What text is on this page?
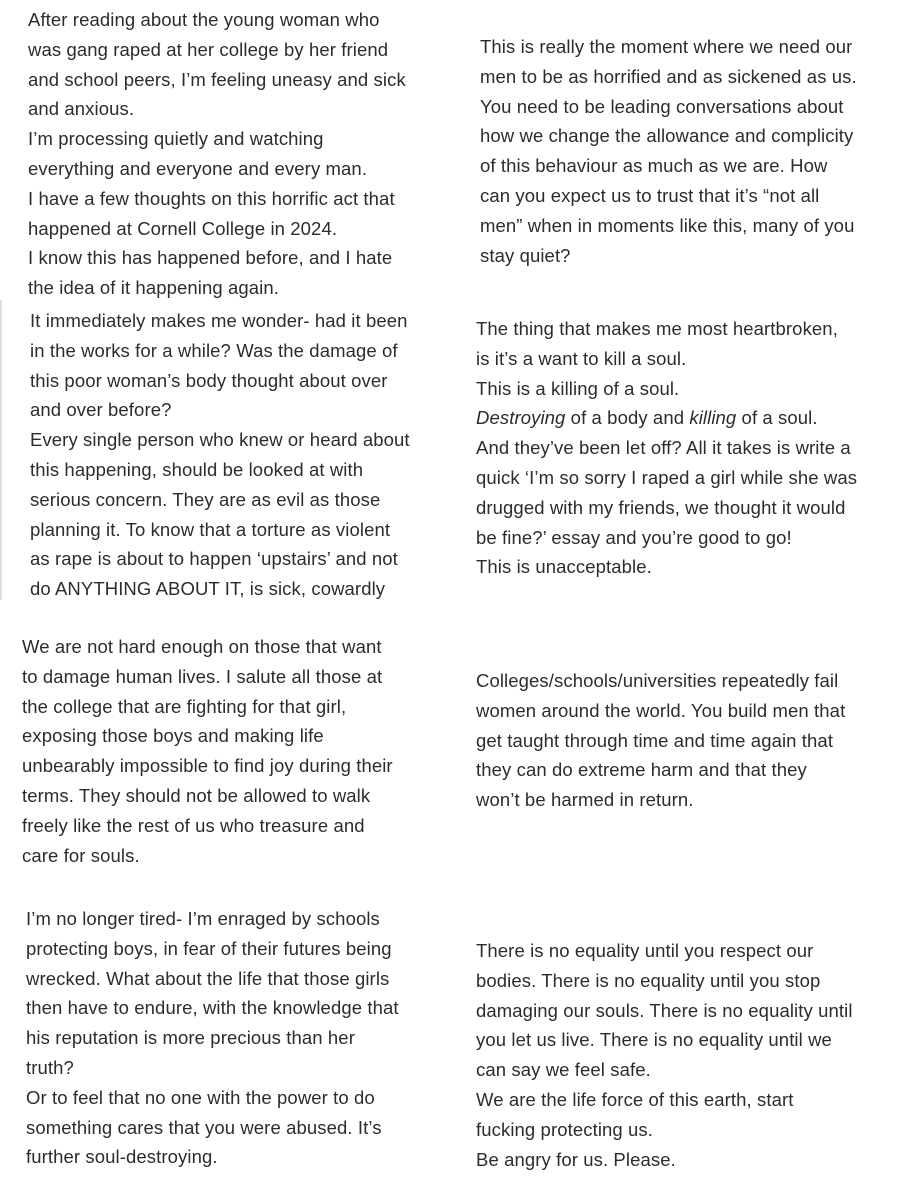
After reading about the young woman who
was gang raped at her college by her friend
and school peers, I’m feeling uneasy and sick
and anxious.
I’m processing quietly and watching
everything and everyone and every man.
I have a few thoughts on this horrific act that
happened at Cornell College in 2024.
I know this has happened before, and I hate
the idea of it happening again.

This is really the moment where we need our
men to be as horrified and as sickened as us.
You need to be leading conversations about
how we change the allowance and complicity
of this behaviour as much as we are. How
can you expect us to trust that it’s “not all
men” when in moments like this, many of you
stay quiet?

It immediately makes me wonder- had it been
in the works for a while? Was the damage of
this poor woman’s body thought about over
and over before?
Every single person who knew or heard about
this happening, should be looked at with
serious concern. They are as evil as those
planning it. To know that a torture as violent
as rape is about to happen ‘upstairs’ and not
do ANYTHING ABOUT IT, is sick, cowardly

The thing that makes me most heartbroken,
is it’s a want to kill a soul.
This is a killing of a soul.
Destroying of a body and killing of a soul.
And they’ve been let off? All it takes is write a
quick ‘I’m so sorry I raped a girl while she was
drugged with my friends, we thought it would
be fine?’ essay and you’re good to go!
This is unacceptable.

We are not hard enough on those that want
to damage human lives. I salute all those at
the college that are fighting for that girl,
exposing those boys and making life
unbearably impossible to find joy during their
terms. They should not be allowed to walk
freely like the rest of us who treasure and
care for souls.

Colleges/schools/universities repeatedly fail
women around the world. You build men that
get taught through time and time again that
they can do extreme harm and that they
won’t be harmed in return.

I’m no longer tired- I’m enraged by schools
protecting boys, in fear of their futures being
wrecked. What about the life that those girls
then have to endure, with the knowledge that
his reputation is more precious than her
truth?
Or to feel that no one with the power to do
something cares that you were abused. It’s
further soul-destroying.

There is no equality until you respect our
bodies. There is no equality until you stop
damaging our souls. There is no equality until
you let us live. There is no equality until we
can say we feel safe.
We are the life force of this earth, start
fucking protecting us.
Be angry for us. Please.
